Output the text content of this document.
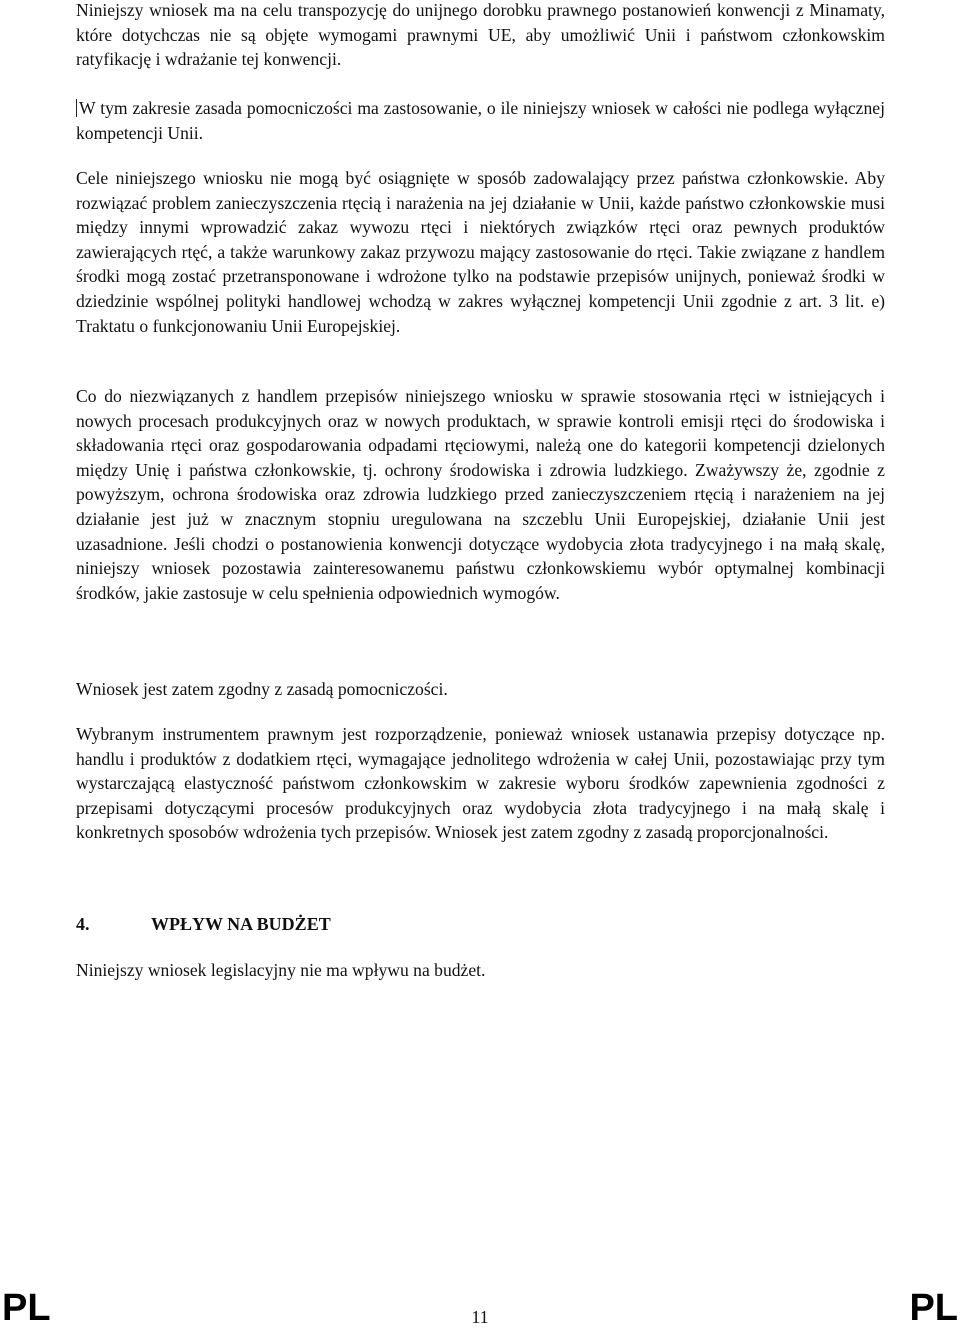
Niniejszy wniosek ma na celu transpozycję do unijnego dorobku prawnego postanowień konwencji z Minamaty, które dotychczas nie są objęte wymogami prawnymi UE, aby umożliwić Unii i państwom członkowskim ratyfikację i wdrażanie tej konwencji.

W tym zakresie zasada pomocniczości ma zastosowanie, o ile niniejszy wniosek w całości nie podlega wyłącznej kompetencji Unii.

Cele niniejszego wniosku nie mogą być osiągnięte w sposób zadowalający przez państwa członkowskie. Aby rozwiązać problem zanieczyszczenia rtęcią i narażenia na jej działanie w Unii, każde państwo członkowskie musi między innymi wprowadzić zakaz wywozu rtęci i niektórych związków rtęci oraz pewnych produktów zawierających rtęć, a także warunkowy zakaz przywozu mający zastosowanie do rtęci. Takie związane z handlem środki mogą zostać przetransponowane i wdrożone tylko na podstawie przepisów unijnych, ponieważ środki w dziedzinie wspólnej polityki handlowej wchodzą w zakres wyłącznej kompetencji Unii zgodnie z art. 3 lit. e) Traktatu o funkcjonowaniu Unii Europejskiej.

Co do niezwiązanych z handlem przepisów niniejszego wniosku w sprawie stosowania rtęci w istniejących i nowych procesach produkcyjnych oraz w nowych produktach, w sprawie kontroli emisji rtęci do środowiska i składowania rtęci oraz gospodarowania odpadami rtęciowymi, należą one do kategorii kompetencji dzielonych między Unię i państwa członkowskie, tj. ochrony środowiska i zdrowia ludzkiego. Zważywszy że, zgodnie z powyższym, ochrona środowiska oraz zdrowia ludzkiego przed zanieczyszczeniem rtęcią i narażeniem na jej działanie jest już w znacznym stopniu uregulowana na szczeblu Unii Europejskiej, działanie Unii jest uzasadnione. Jeśli chodzi o postanowienia konwencji dotyczące wydobycia złota tradycyjnego i na małą skalę, niniejszy wniosek pozostawia zainteresowanemu państwu członkowskiemu wybór optymalnej kombinacji środków, jakie zastosuje w celu spełnienia odpowiednich wymogów.

Wniosek jest zatem zgodny z zasadą pomocniczości.

Wybranym instrumentem prawnym jest rozporządzenie, ponieważ wniosek ustanawia przepisy dotyczące np. handlu i produktów z dodatkiem rtęci, wymagające jednolitego wdrożenia w całej Unii, pozostawiając przy tym wystarczającą elastyczność państwom członkowskim w zakresie wyboru środków zapewnienia zgodności z przepisami dotyczącymi procesów produkcyjnych oraz wydobycia złota tradycyjnego i na małą skalę i konkretnych sposobów wdrożenia tych przepisów. Wniosek jest zatem zgodny z zasadą proporcjonalności.

4.	WPŁYW NA BUDŻET

Niniejszy wniosek legislacyjny nie ma wpływu na budżet.

PL	11	PL
